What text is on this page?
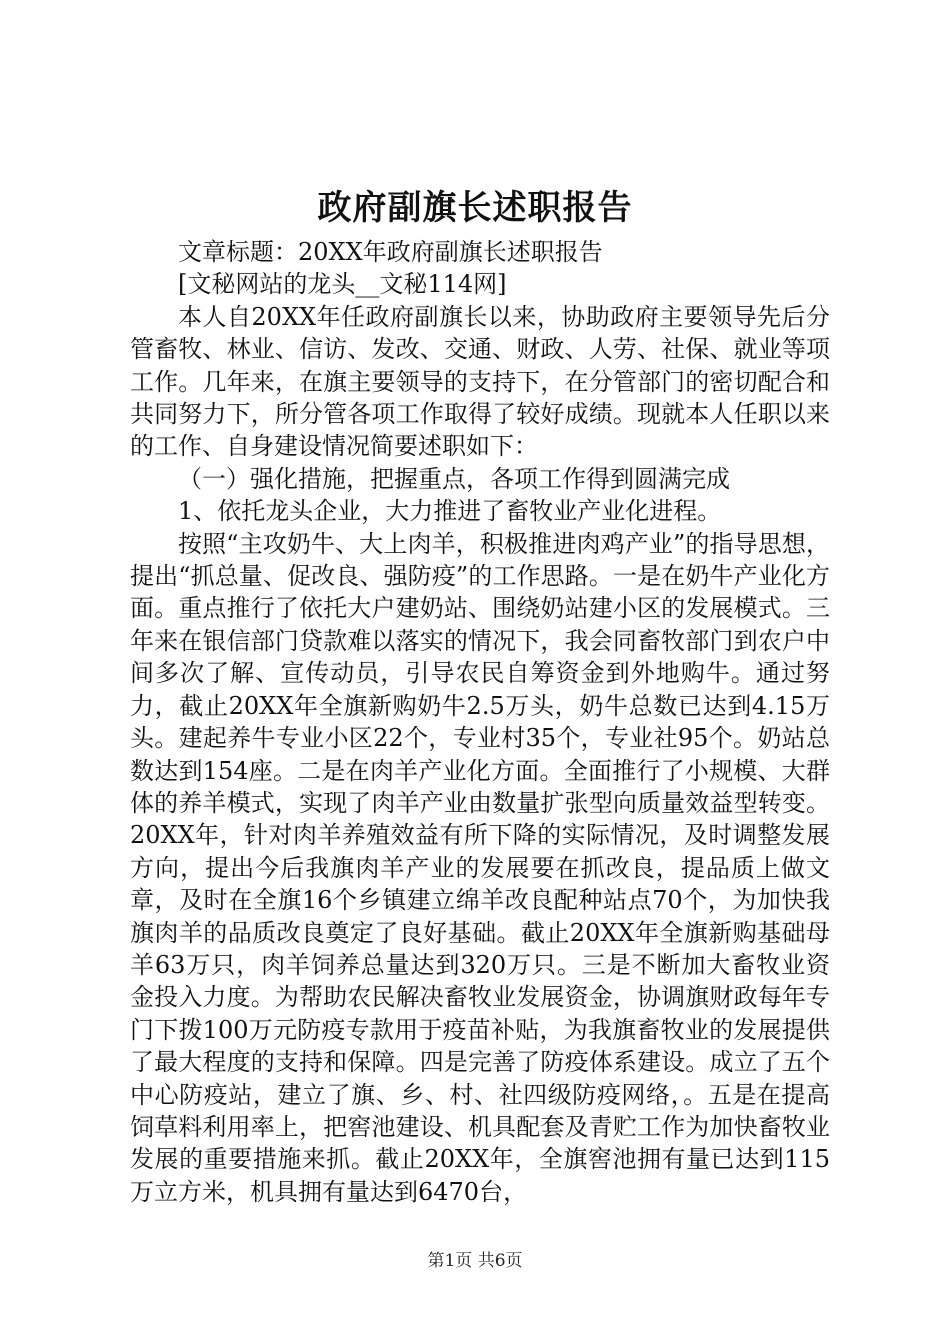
政府副旗长述职报告

文章标题：20XX年政府副旗长述职报告

[文秘网站的龙头__文秘114网]

本人自20XX年任政府副旗长以来，协助政府主要领导先后分管畜牧、林业、信访、发改、交通、财政、人劳、社保、就业等项工作。几年来，在旗主要领导的支持下，在分管部门的密切配合和共同努力下，所分管各项工作取得了较好成绩。现就本人任职以来的工作、自身建设情况简要述职如下：

（一）强化措施，把握重点，各项工作得到圆满完成

1、依托龙头企业，大力推进了畜牧业产业化进程。

按照“主攻奶牛、大上肉羊，积极推进肉鸡产业”的指导思想，提出“抓总量、促改良、强防疫”的工作思路。一是在奶牛产业化方面。重点推行了依托大户建奶站、围绕奶站建小区的发展模式。三年来在银信部门贷款难以落实的情况下，我会同畜牧部门到农户中间多次了解、宣传动员，引导农民自筹资金到外地购牛。通过努力，截止20XX年全旗新购奶牛2.5万头，奶牛总数已达到4.15万头。建起养牛专业小区22个，专业村35个，专业社95个。奶站总数达到154座。二是在肉羊产业化方面。全面推行了小规模、大群体的养羊模式，实现了肉羊产业由数量扩张型向质量效益型转变。20XX年，针对肉羊养殖效益有所下降的实际情况，及时调整发展方向，提出今后我旗肉羊产业的发展要在抓改良，提品质上做文章，及时在全旗16个乡镇建立绵羊改良配种站点70个，为加快我旗肉羊的品质改良奠定了良好基础。截止20XX年全旗新购基础母羊63万只，肉羊饲养总量达到320万只。三是不断加大畜牧业资金投入力度。为帮助农民解决畜牧业发展资金，协调旗财政每年专门下拨100万元防疫专款用于疫苗补贴，为我旗畜牧业的发展提供了最大程度的支持和保障。四是完善了防疫体系建设。成立了五个中心防疫站，建立了旗、乡、村、社四级防疫网络，。五是在提高饲草料利用率上，把窖池建设、机具配套及青贮工作为加快畜牧业发展的重要措施来抓。截止20XX年，全旗窖池拥有量已达到115万立方米，机具拥有量达到6470台，

第1页 共6页
